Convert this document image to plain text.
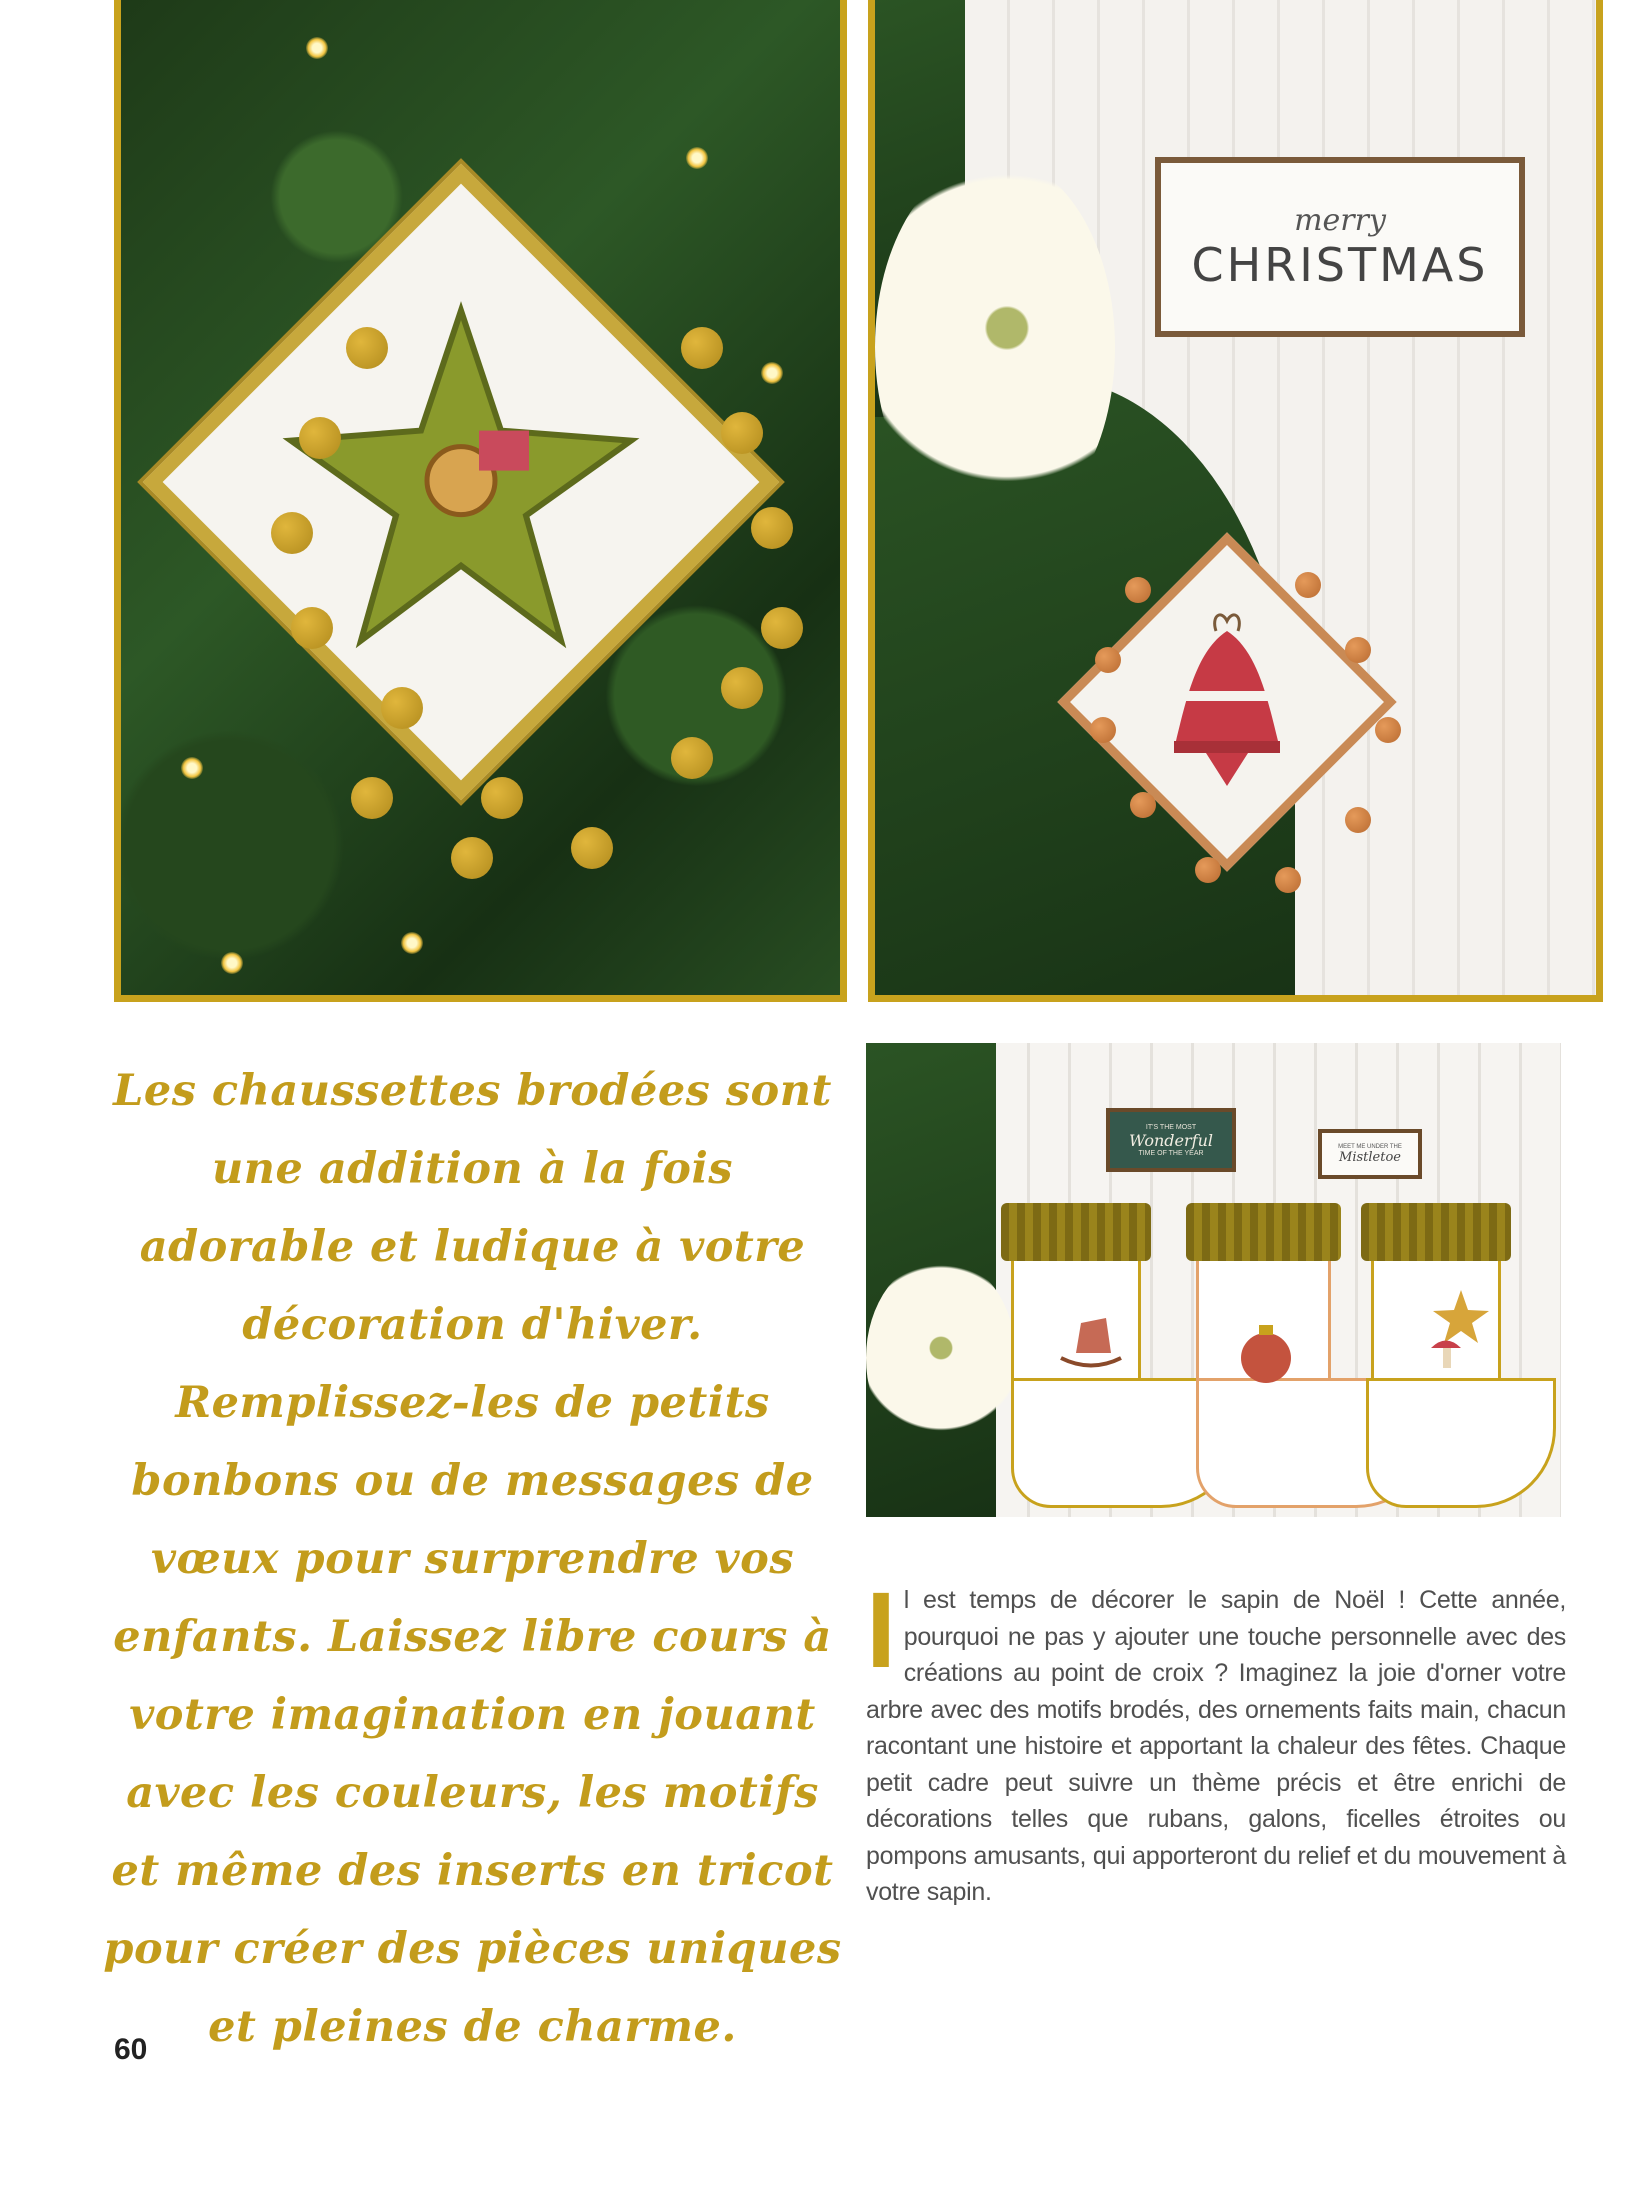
merry
CHRISTMAS
Les chaussettes brodées sont une addition à la fois adorable et ludique à votre décoration d'hiver. Remplissez-les de petits bonbons ou de messages de vœux pour surprendre vos enfants. Laissez libre cours à votre imagination en jouant avec les couleurs, les motifs et même des inserts en tricot pour créer des pièces uniques et pleines de charme.
IT'S THE MOST
Wonderful
TIME OF THE YEAR
MEET ME UNDER THE
Mistletoe
I l est temps de décorer le sapin de Noël ! Cette année, pourquoi ne pas y ajouter une touche personnelle avec des créations au point de croix ? Imaginez la joie d'orner votre arbre avec des motifs brodés, des ornements faits main, chacun racontant une histoire et apportant la chaleur des fêtes. Chaque petit cadre peut suivre un thème précis et être enrichi de décorations telles que rubans, galons, ficelles étroites ou pompons amusants, qui apporteront du relief et du mouvement à votre sapin.
60
